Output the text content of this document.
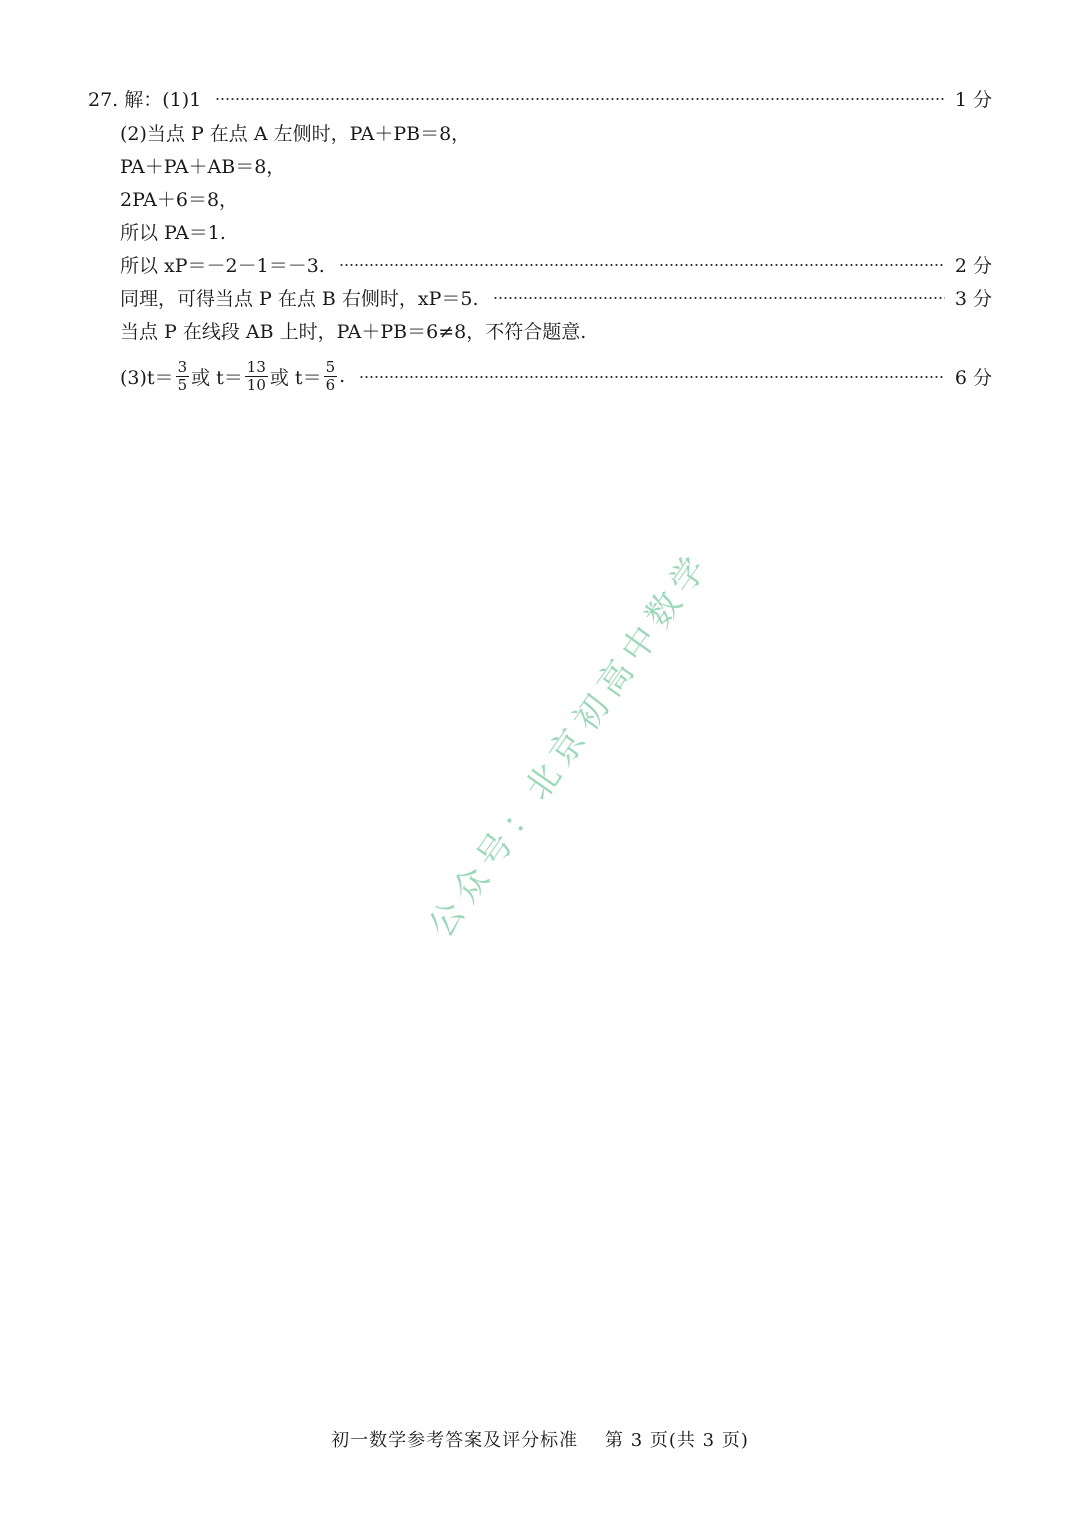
27. 解：(1)1	1 分
(2)当点 P 在点 A 左侧时，PA＋PB＝8，
PA＋PA＋AB＝8，
2PA＋6＝8，
所以 PA＝1.
所以 xP＝－2－1＝－3.	2 分
同理，可得当点 P 在点 B 右侧时，xP＝5.	3 分
当点 P 在线段 AB 上时，PA＋PB＝6≠8，不符合题意.
$(3)t= \frac{3}{5}$ 或 $t= \frac{13}{10}$ 或 $t= \frac{5}{6}$ .	6 分
公众号：北京初高中数学
初一数学参考答案及评分标准    第 3 页(共 3 页)
